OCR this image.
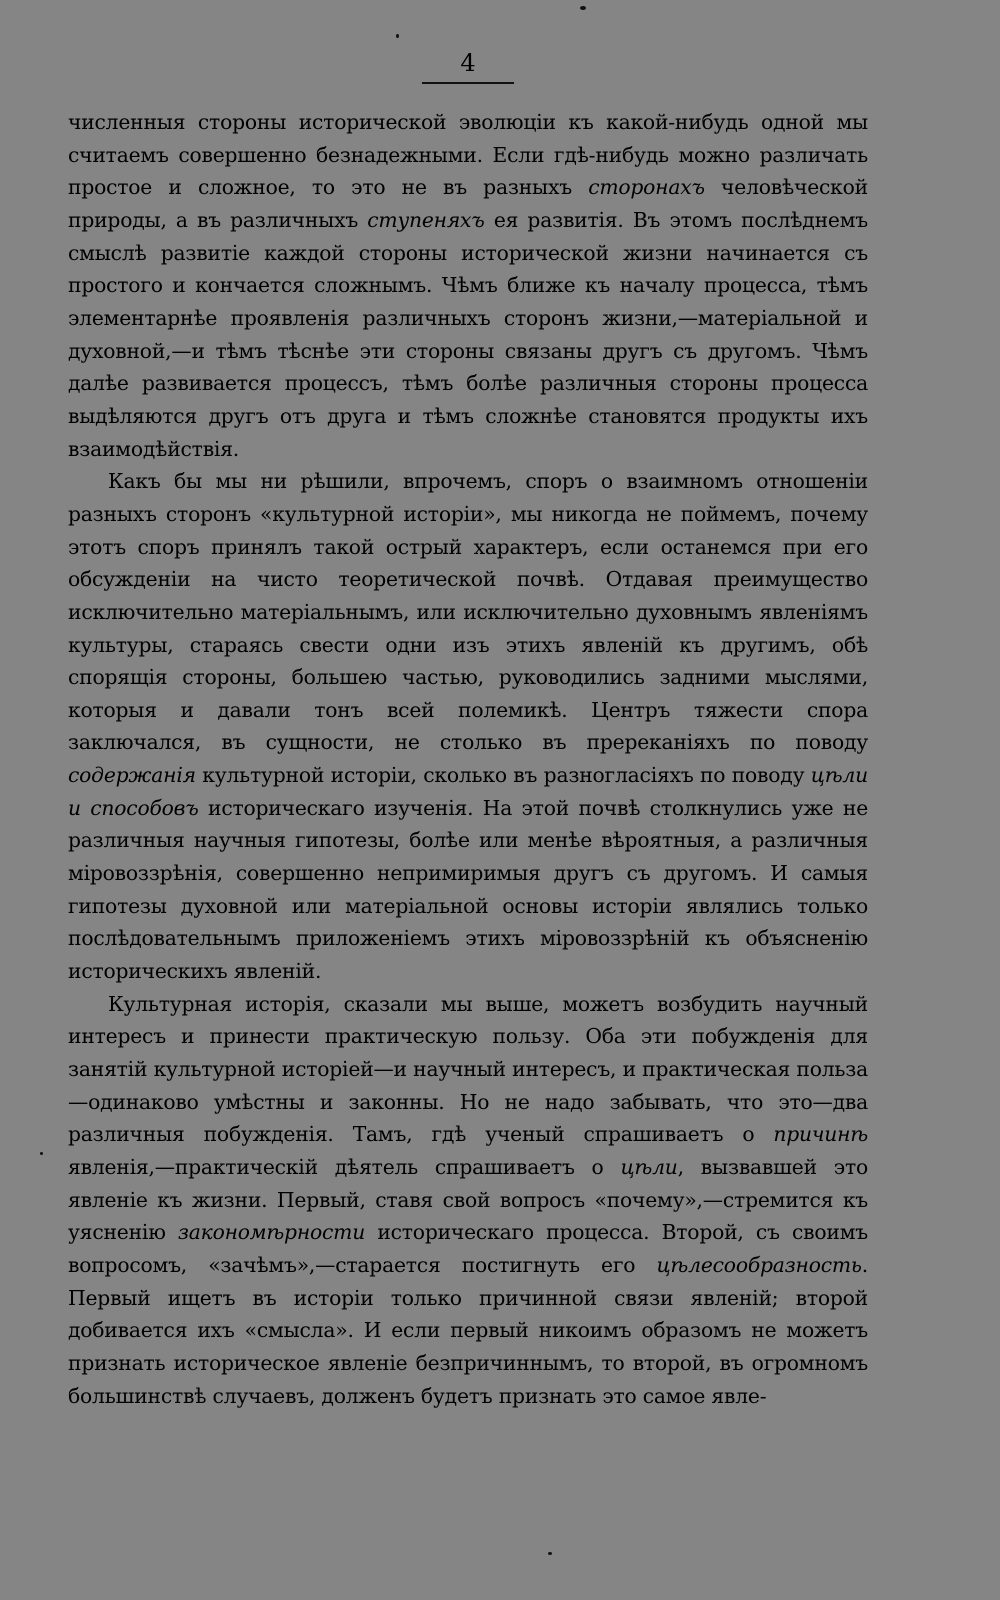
4

численныя стороны исторической эволюціи къ какой-нибудь одной мы считаемъ совершенно безнадежными. Если гдѣ-нибудь можно различать простое и сложное, то это не въ разныхъ сторонахъ человѣческой природы, а въ различныхъ ступеняхъ ея развитія. Въ этомъ послѣднемъ смыслѣ развитіе каждой стороны исторической жизни начинается съ простого и кончается сложнымъ. Чѣмъ ближе къ началу процесса, тѣмъ элементарнѣе проявленія различныхъ сторонъ жизни,—матеріальной и духовной,—и тѣмъ тѣснѣе эти стороны связаны другъ съ другомъ. Чѣмъ далѣе развивается процессъ, тѣмъ болѣе различныя стороны процесса выдѣляются другъ отъ друга и тѣмъ сложнѣе становятся продукты ихъ взаимодѣйствія.

Какъ бы мы ни рѣшили, впрочемъ, споръ о взаимномъ отношеніи разныхъ сторонъ «культурной исторіи», мы никогда не поймемъ, почему этотъ споръ принялъ такой острый характеръ, если останемся при его обсужденіи на чисто теоретической почвѣ. Отдавая преимущество исключительно матеріальнымъ, или исключительно духовнымъ явленіямъ культуры, стараясь свести одни изъ этихъ явленій къ другимъ, обѣ спорящія стороны, большею частью, руководились задними мыслями, которыя и давали тонъ всей полемикѣ. Центръ тяжести спора заключался, въ сущности, не столько въ пререканіяхъ по поводу содержанія культурной исторіи, сколько въ разногласіяхъ по поводу цѣли и способовъ историческаго изученія. На этой почвѣ столкнулись уже не различныя научныя гипотезы, болѣе или менѣе вѣроятныя, а различныя міровоззрѣнія, совершенно непримиримыя другъ съ другомъ. И самыя гипотезы духовной или матеріальной основы исторіи являлись только послѣдовательнымъ приложеніемъ этихъ міровоззрѣній къ объясненію историческихъ явленій.

Культурная исторія, сказали мы выше, можетъ возбудить научный интересъ и принести практическую пользу. Оба эти побужденія для занятій культурной исторіей—и научный интересъ, и практическая польза—одинаково умѣстны и законны. Но не надо забывать, что это—два различныя побужденія. Тамъ, гдѣ ученый спрашиваетъ о причинѣ явленія,—практическій дѣятель спрашиваетъ о цѣли, вызвавшей это явленіе къ жизни. Первый, ставя свой вопросъ «почему»,—стремится къ уясненію закономѣрности историческаго процесса. Второй, съ своимъ вопросомъ, «зачѣмъ»,—старается постигнуть его цѣлесообразность. Первый ищетъ въ исторіи только причинной связи явленій; второй добивается ихъ «смысла». И если первый никоимъ образомъ не можетъ признать историческое явленіе безпричиннымъ, то второй, въ огромномъ большинствѣ случаевъ, долженъ будетъ признать это самое явле-
